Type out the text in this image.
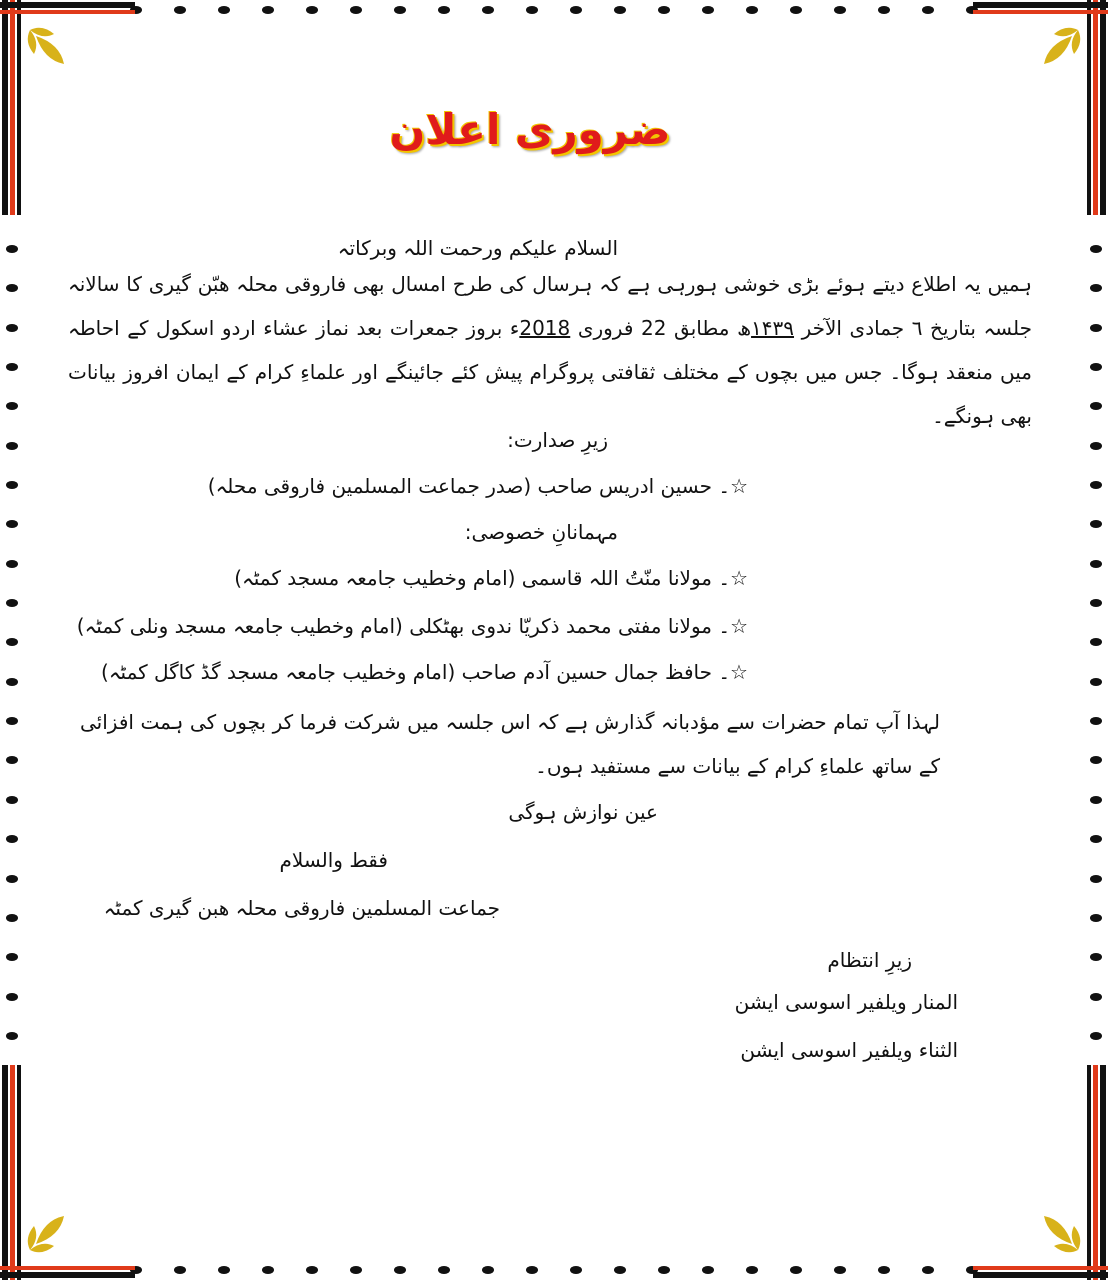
ضروری اعلان
السلام علیکم ورحمت اللہ وبرکاتہ
ہمیں یہ اطلاع دیتے ہوئے بڑی خوشی ہورہی ہے کہ ہرسال کی طرح امسال بھی فاروقی محلہ ھبّن گیری کا سالانہ جلسہ بتاریخ ٦ جمادی الآخر ۱۴۳۹ھ مطابق 22 فروری 2018ء بروز جمعرات بعد نماز عشاء اردو اسکول کے احاطہ میں منعقد ہوگا۔ جس میں بچوں کے مختلف ثقافتی پروگرام پیش کئے جائینگے اور علماءِ کرام کے ایمان افروز بیانات بھی ہونگے۔
زیرِ صدارت:
☆۔ حسین ادریس صاحب (صدر جماعت المسلمین فاروقی محلہ)
مہمانانِ خصوصی:
☆۔ مولانا منّتُ اللہ قاسمی (امام وخطیب جامعہ مسجد کمٹہ)
☆۔ مولانا مفتی محمد ذکریّا ندوی بھٹکلی (امام وخطیب جامعہ مسجد ونلی کمٹہ)
☆۔ حافظ جمال حسین آدم صاحب (امام وخطیب جامعہ مسجد گڈ کاگل کمٹہ)
لہذا آپ تمام حضرات سے مؤدبانہ گذارش ہے کہ اس جلسہ میں شرکت فرما کر بچوں کی ہمت افزائی کے ساتھ علماءِ کرام کے بیانات سے مستفید ہوں۔
عین نوازش ہوگی
فقط والسلام
جماعت المسلمین فاروقی محلہ ھبن گیری کمٹہ
زیرِ انتظام
المنار ویلفیر اسوسی ایشن
الثناء ویلفیر اسوسی ایشن
